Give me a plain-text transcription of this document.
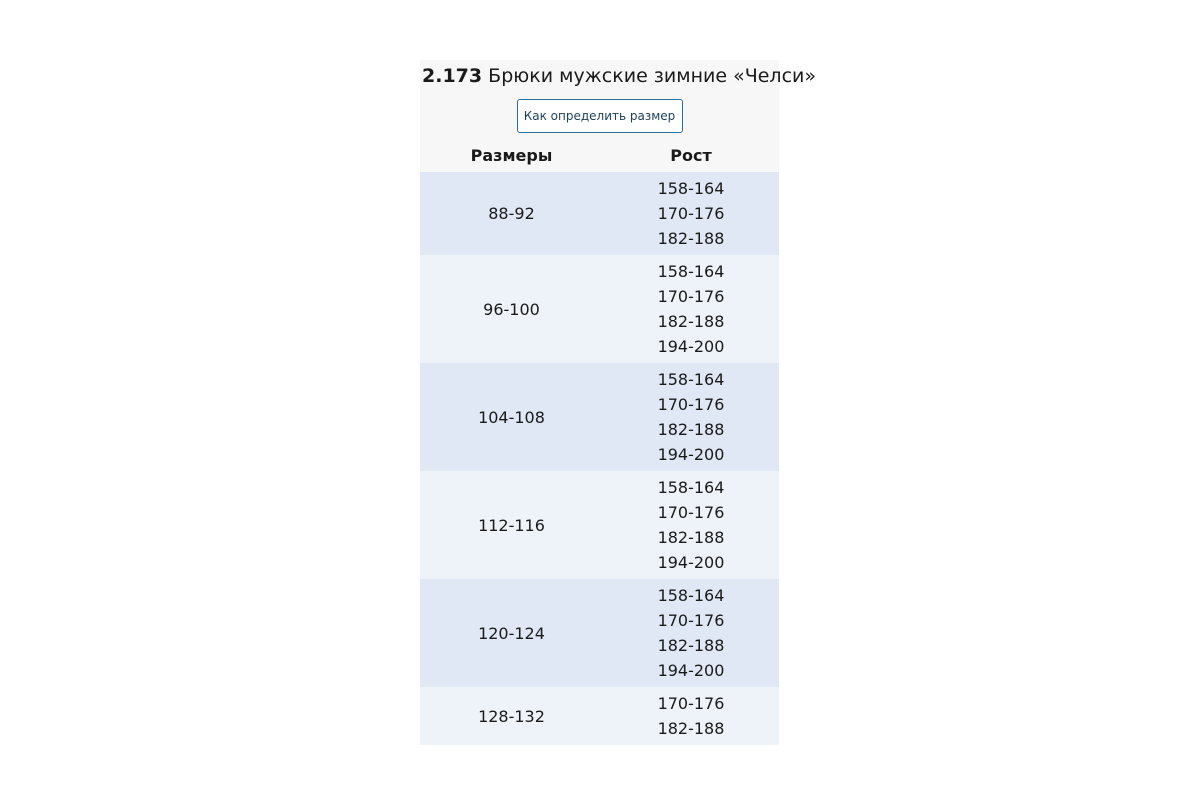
2.173 Брюки мужские зимние «Челси»
Как определить размер
Размеры	Рост
88-92	158-164
170-176
182-188

96-100	158-164
170-176
182-188
194-200

104-108	158-164
170-176
182-188
194-200

112-116	158-164
170-176
182-188
194-200

120-124	158-164
170-176
182-188
194-200

128-132	170-176
182-188
